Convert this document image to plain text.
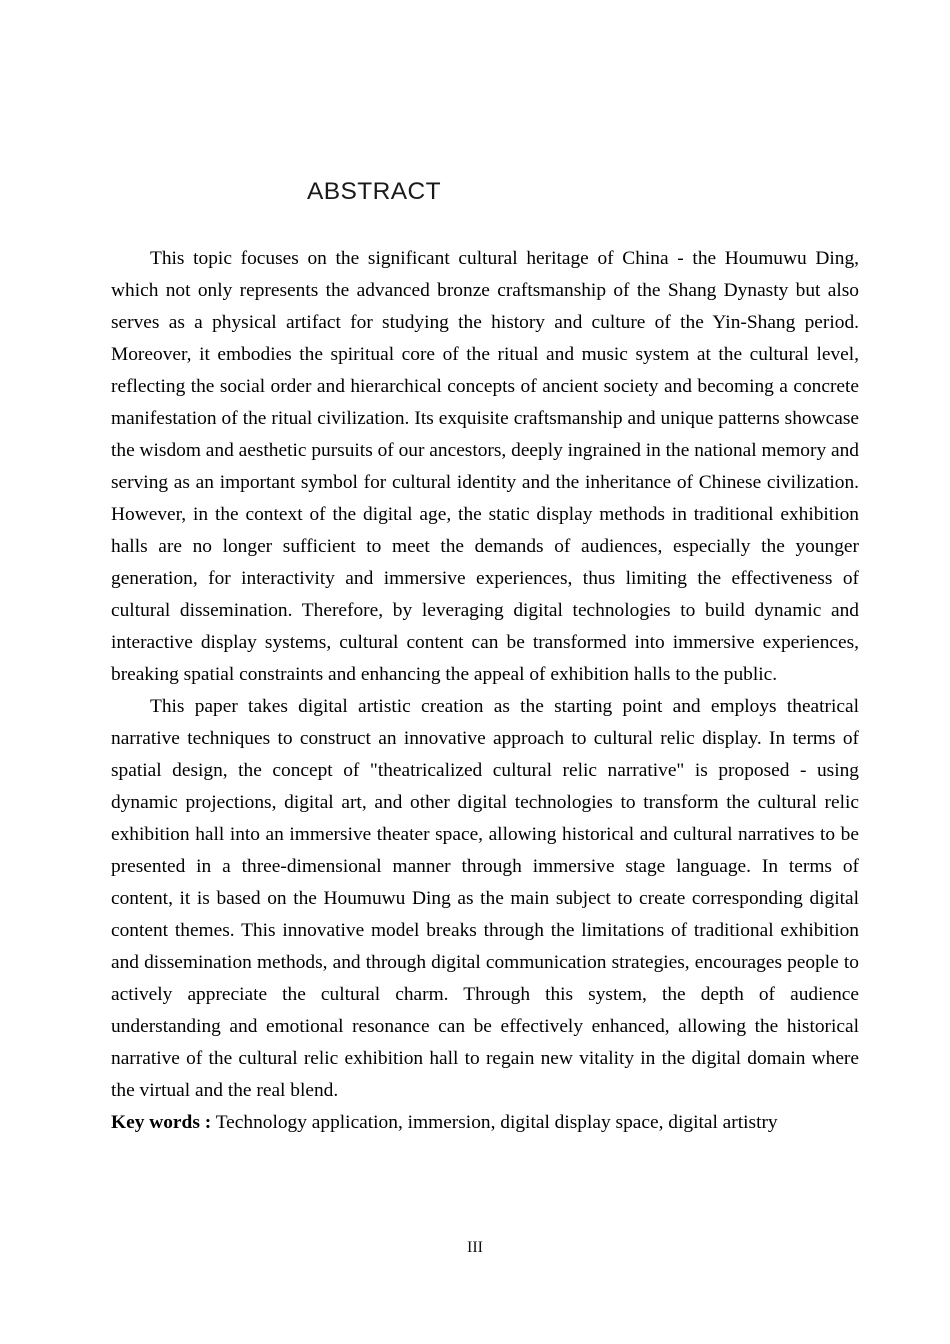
ABSTRACT

This topic focuses on the significant cultural heritage of China - the Houmuwu Ding, which not only represents the advanced bronze craftsmanship of the Shang Dynasty but also serves as a physical artifact for studying the history and culture of the Yin-Shang period. Moreover, it embodies the spiritual core of the ritual and music system at the cultural level, reflecting the social order and hierarchical concepts of ancient society and becoming a concrete manifestation of the ritual civilization. Its exquisite craftsmanship and unique patterns showcase the wisdom and aesthetic pursuits of our ancestors, deeply ingrained in the national memory and serving as an important symbol for cultural identity and the inheritance of Chinese civilization. However, in the context of the digital age, the static display methods in traditional exhibition halls are no longer sufficient to meet the demands of audiences, especially the younger generation, for interactivity and immersive experiences, thus limiting the effectiveness of cultural dissemination. Therefore, by leveraging digital technologies to build dynamic and interactive display systems, cultural content can be transformed into immersive experiences, breaking spatial constraints and enhancing the appeal of exhibition halls to the public.

This paper takes digital artistic creation as the starting point and employs theatrical narrative techniques to construct an innovative approach to cultural relic display. In terms of spatial design, the concept of "theatricalized cultural relic narrative" is proposed - using dynamic projections, digital art, and other digital technologies to transform the cultural relic exhibition hall into an immersive theater space, allowing historical and cultural narratives to be presented in a three-dimensional manner through immersive stage language. In terms of content, it is based on the Houmuwu Ding as the main subject to create corresponding digital content themes. This innovative model breaks through the limitations of traditional exhibition and dissemination methods, and through digital communication strategies, encourages people to actively appreciate the cultural charm. Through this system, the depth of audience understanding and emotional resonance can be effectively enhanced, allowing the historical narrative of the cultural relic exhibition hall to regain new vitality in the digital domain where the virtual and the real blend.

Key words : Technology application, immersion, digital display space, digital artistry

III
